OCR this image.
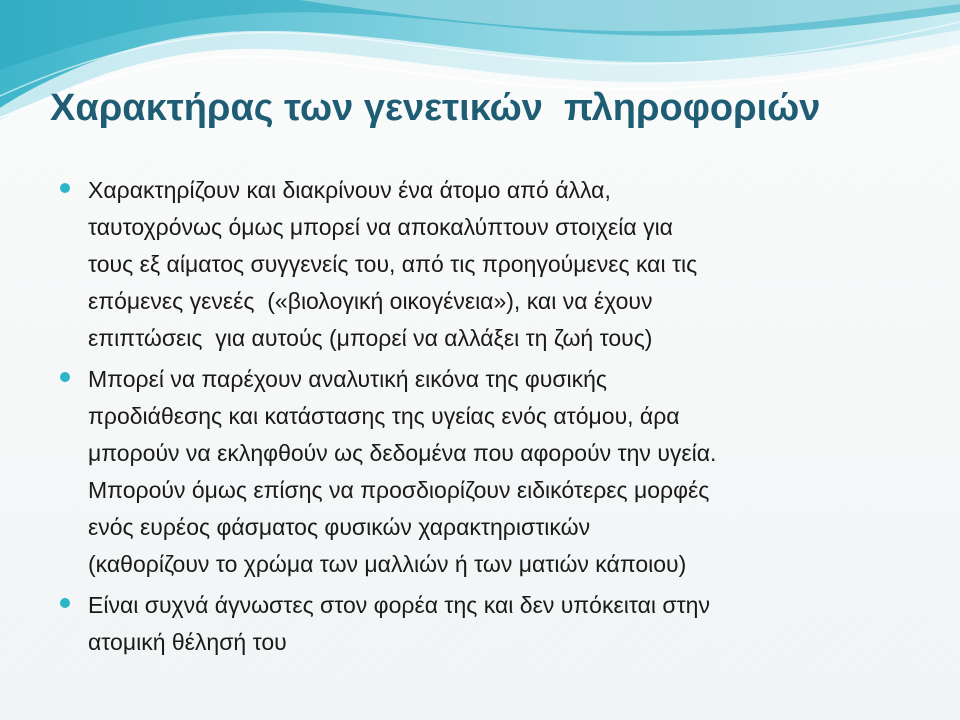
Χαρακτήρας των γενετικών  πληροφοριών
Χαρακτηρίζουν και διακρίνουν ένα άτομο από άλλα,
ταυτοχρόνως όμως μπορεί να αποκαλύπτουν στοιχεία για
τους εξ αίματος συγγενείς του, από τις προηγούμενες και τις
επόμενες γενεές  («βιολογική οικογένεια»), και να έχουν
επιπτώσεις  για αυτούς (μπορεί να αλλάξει τη ζωή τους)
Μπορεί να παρέχουν αναλυτική εικόνα της φυσικής
προδιάθεσης και κατάστασης της υγείας ενός ατόμου, άρα
μπορούν να εκληφθούν ως δεδομένα που αφορούν την υγεία.
Μπορούν όμως επίσης να προσδιορίζουν ειδικότερες μορφές
ενός ευρέος φάσματος φυσικών χαρακτηριστικών
(καθορίζουν το χρώμα των μαλλιών ή των ματιών κάποιου)
Είναι συχνά άγνωστες στον φορέα της και δεν υπόκειται στην
ατομική θέλησή του
